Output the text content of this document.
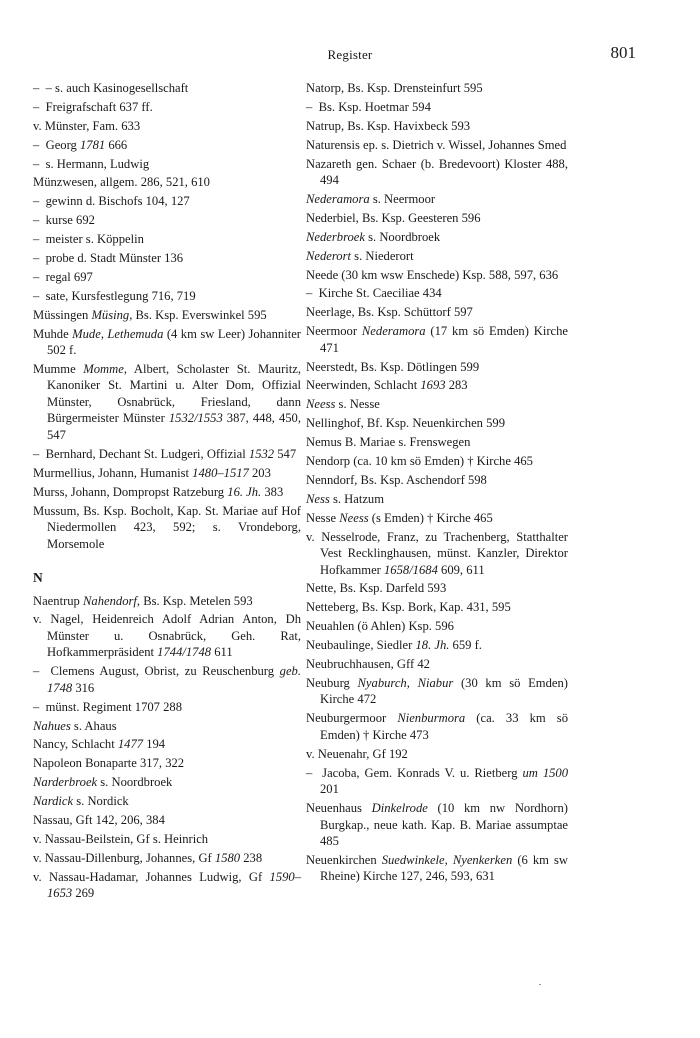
Register	801

–  – s. auch Kasinogesellschaft

–  Freigrafschaft 637 ff.

v. Münster, Fam. 633

–  Georg 1781 666

–  s. Hermann, Ludwig

Münzwesen, allgem. 286, 521, 610

–  gewinn d. Bischofs 104, 127

–  kurse 692

–  meister s. Köppelin

–  probe d. Stadt Münster 136

–  regal 697

–  sate, Kursfestlegung 716, 719

Müssingen Müsing, Bs. Ksp. Everswinkel 595

Muhde Mude, Lethemuda (4 km sw Leer) Johanniter 502 f.

Mumme Momme, Albert, Scholaster St. Mauritz, Kanoniker St. Martini u. Alter Dom, Offizial Münster, Osnabrück, Friesland, dann Bürgermeister Münster 1532/1553 387, 448, 450, 547

–  Bernhard, Dechant St. Ludgeri, Offizial 1532 547

Murmellius, Johann, Humanist 1480–1517 203

Murss, Johann, Dompropst Ratzeburg 16. Jh. 383

Mussum, Bs. Ksp. Bocholt, Kap. St. Mariae auf Hof Niedermollen 423, 592; s. Vrondeborg, Morsemole

N

Naentrup Nahendorf, Bs. Ksp. Metelen 593

v. Nagel, Heidenreich Adolf Adrian Anton, Dh Münster u. Osnabrück, Geh. Rat, Hofkammerpräsident 1744/1748 611

–  Clemens August, Obrist, zu Reuschenburg geb. 1748 316

–  münst. Regiment 1707 288

Nahues s. Ahaus

Nancy, Schlacht 1477 194

Napoleon Bonaparte 317, 322

Narderbroek s. Noordbroek

Nardick s. Nordick

Nassau, Gft 142, 206, 384

v. Nassau-Beilstein, Gf s. Heinrich

v. Nassau-Dillenburg, Johannes, Gf 1580 238

v. Nassau-Hadamar, Johannes Ludwig, Gf 1590–1653 269

Natorp, Bs. Ksp. Drensteinfurt 595

–  Bs. Ksp. Hoetmar 594

Natrup, Bs. Ksp. Havixbeck 593

Naturensis ep. s. Dietrich v. Wissel, Johannes Smed

Nazareth gen. Schaer (b. Bredevoort) Kloster 488, 494

Nederamora s. Neermoor

Nederbiel, Bs. Ksp. Geesteren 596

Nederbroek s. Noordbroek

Nederort s. Niederort

Neede (30 km wsw Enschede) Ksp. 588, 597, 636

–  Kirche St. Caeciliae 434

Neerlage, Bs. Ksp. Schüttorf 597

Neermoor Nederamora (17 km sö Emden) Kirche 471

Neerstedt, Bs. Ksp. Dötlingen 599

Neerwinden, Schlacht 1693 283

Neess s. Nesse

Nellinghof, Bf. Ksp. Neuenkirchen 599

Nemus B. Mariae s. Frenswegen

Nendorp (ca. 10 km sö Emden) † Kirche 465

Nenndorf, Bs. Ksp. Aschendorf 598

Ness s. Hatzum

Nesse Neess (s Emden) † Kirche 465

v. Nesselrode, Franz, zu Trachenberg, Statthalter Vest Recklinghausen, münst. Kanzler, Direktor Hofkammer 1658/1684 609, 611

Nette, Bs. Ksp. Darfeld 593

Netteberg, Bs. Ksp. Bork, Kap. 431, 595

Neuahlen (ö Ahlen) Ksp. 596

Neubaulinge, Siedler 18. Jh. 659 f.

Neubruchhausen, Gff 42

Neuburg Nyaburch, Niabur (30 km sö Emden) Kirche 472

Neuburgermoor Nienburmora (ca. 33 km sö Emden) † Kirche 473

v. Neuenahr, Gf 192

–  Jacoba, Gem. Konrads V. u. Rietberg um 1500 201

Neuenhaus Dinkelrode (10 km nw Nordhorn) Burgkap., neue kath. Kap. B. Mariae assumptae 485

Neuenkirchen Suedwinkele, Nyenkerken (6 km sw Rheine) Kirche 127, 246, 593, 631
